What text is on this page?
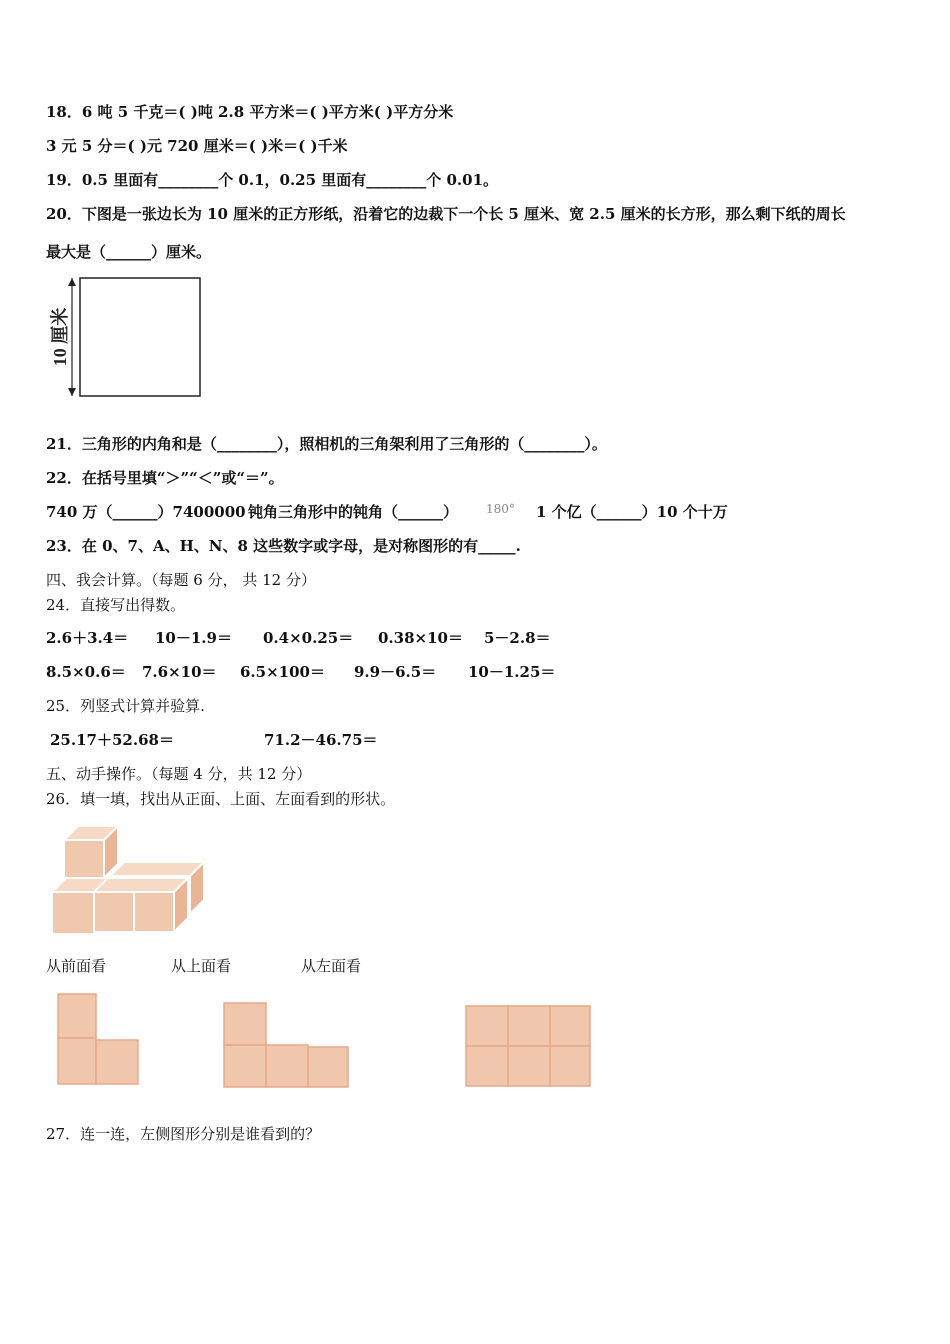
18．6 吨 5 千克＝( )吨 2.8 平方米＝( )平方米( )平方分米
3 元 5 分＝( )元 720 厘米＝( )米＝( )千米
19．0.5 里面有________个 0.1，0.25 里面有________个 0.01。
20．下图是一张边长为 10 厘米的正方形纸，沿着它的边裁下一个长 5 厘米、宽 2.5 厘米的长方形，那么剩下纸的周长
最大是（______）厘米。
10 厘米
21．三角形的内角和是（________），照相机的三角架利用了三角形的（________）。
22．在括号里填“＞”“＜”或“＝”。
740 万（______）7400000 钝角三角形中的钝角（______） 180° 1 个亿（______）10 个十万
23．在 0、7、A、H、N、8 这些数字或字母，是对称图形的有_____.
四、我会计算。（每题 6 分， 共 12 分）
24．直接写出得数。
2.6＋3.4＝ 10－1.9＝ 0.4×0.25＝ 0.38×10＝ 5－2.8＝
8.5×0.6＝ 7.6×10＝ 6.5×100＝ 9.9－6.5＝ 10－1.25＝
25．列竖式计算并验算.
25.17＋52.68＝	71.2－46.75＝
五、动手操作。（每题 4 分，共 12 分）
26．填一填，找出从正面、上面、左面看到的形状。
从前面看	从上面看	从左面看
27．连一连，左侧图形分别是谁看到的？
